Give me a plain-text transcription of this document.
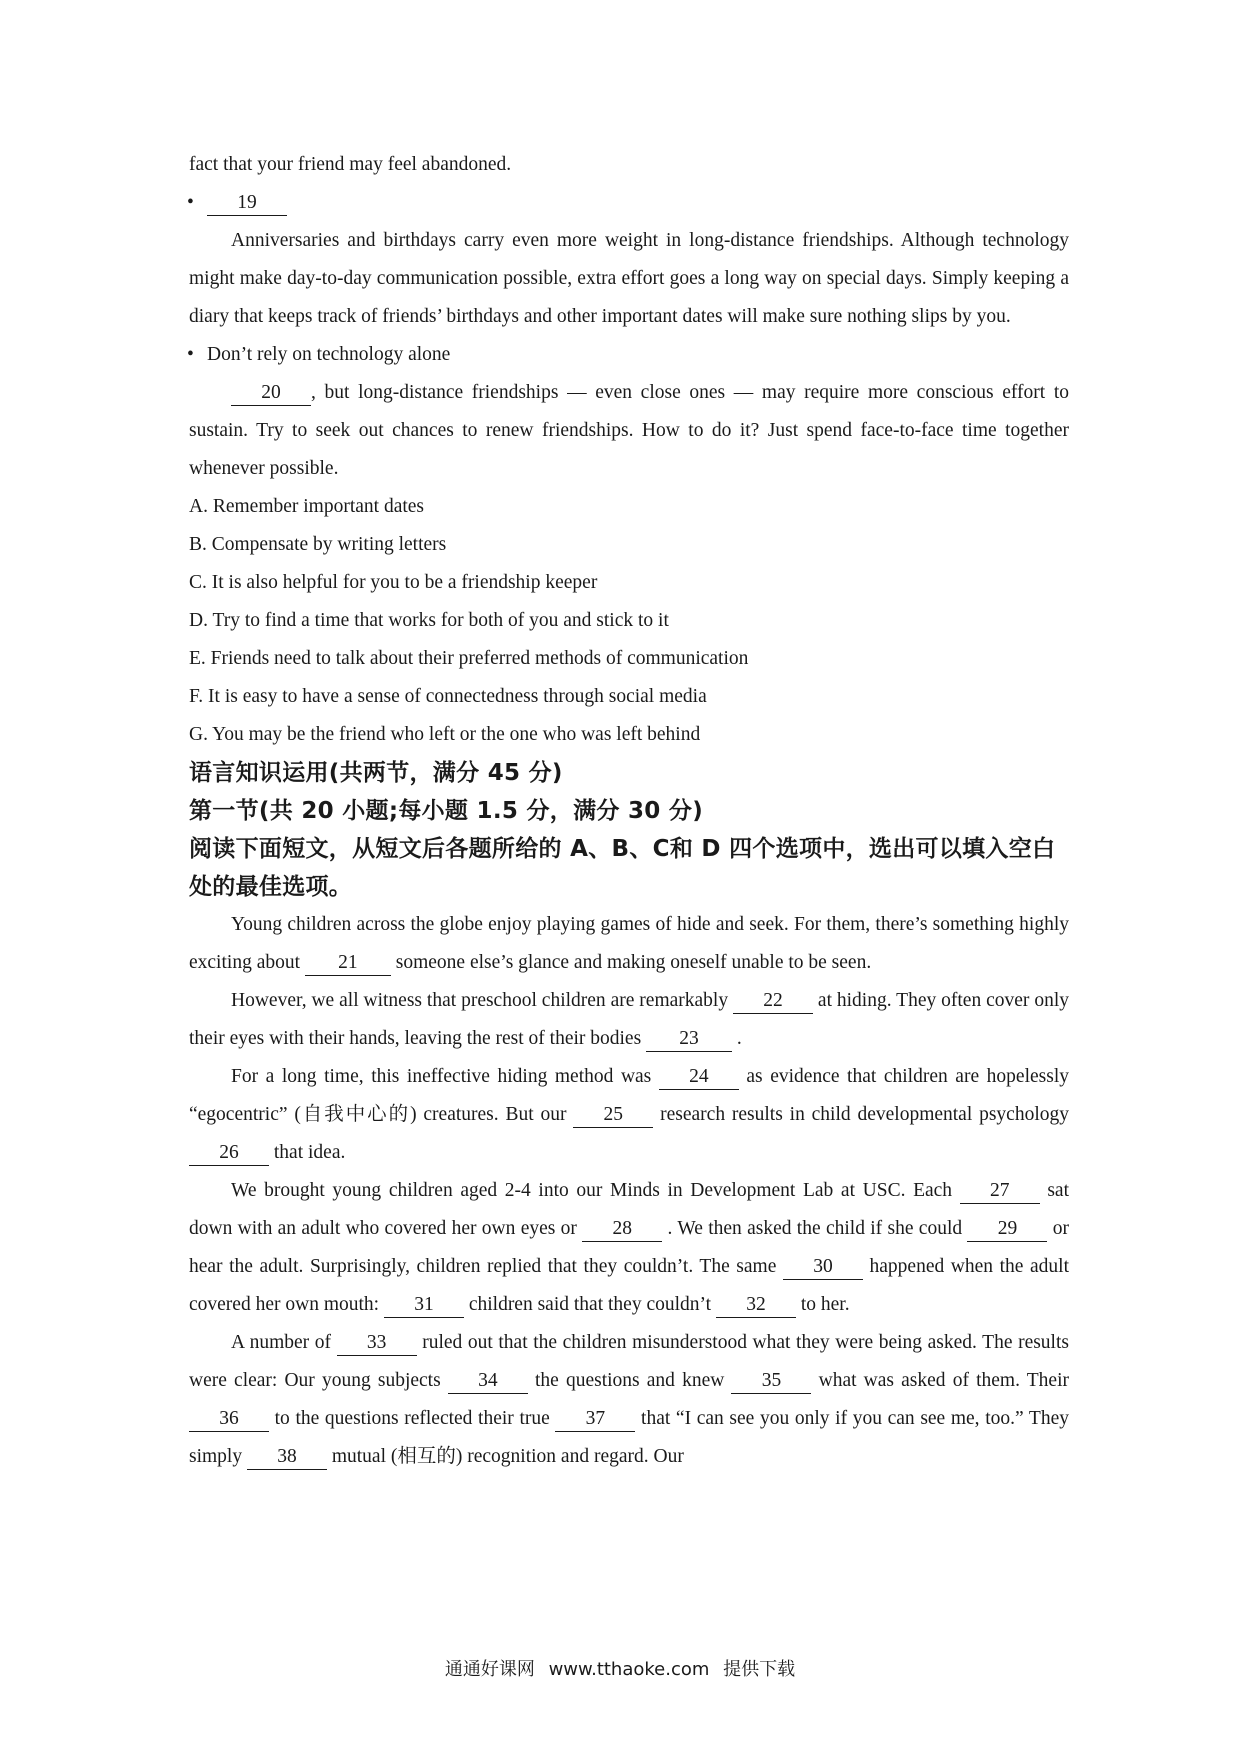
fact that your friend may feel abandoned.

• 19

Anniversaries and birthdays carry even more weight in long-distance friendships. Although technology might make day-to-day communication possible, extra effort goes a long way on special days. Simply keeping a diary that keeps track of friends’ birthdays and other important dates will make sure nothing slips by you.

• Don’t rely on technology alone

20 , but long-distance friendships — even close ones — may require more conscious effort to sustain. Try to seek out chances to renew friendships. How to do it? Just spend face-to-face time together whenever possible.

A. Remember important dates

B. Compensate by writing letters

C. It is also helpful for you to be a friendship keeper

D. Try to find a time that works for both of you and stick to it

E. Friends need to talk about their preferred methods of communication

F. It is easy to have a sense of connectedness through social media

G. You may be the friend who left or the one who was left behind

语言知识运用(共两节，满分 45 分)

第一节(共 20 小题;每小题 1.5 分，满分 30 分)

阅读下面短文，从短文后各题所给的 A、B、C和 D 四个选项中，选出可以填入空白处的最佳选项。

Young children across the globe enjoy playing games of hide and seek. For them, there’s something highly exciting about 21 someone else’s glance and making oneself unable to be seen.

However, we all witness that preschool children are remarkably 22 at hiding. They often cover only their eyes with their hands, leaving the rest of their bodies 23 .

For a long time, this ineffective hiding method was 24 as evidence that children are hopelessly “egocentric” (自我中心的) creatures. But our 25 research results in child developmental psychology 26 that idea.

We brought young children aged 2-4 into our Minds in Development Lab at USC. Each 27 sat down with an adult who covered her own eyes or 28 . We then asked the child if she could 29 or hear the adult. Surprisingly, children replied that they couldn’t. The same 30 happened when the adult covered her own mouth: 31 children said that they couldn’t 32 to her.

A number of 33 ruled out that the children misunderstood what they were being asked. The results were clear: Our young subjects 34 the questions and knew 35 what was asked of them. Their 36 to the questions reflected their true 37 that “I can see you only if you can see me, too.” They simply 38 mutual (相互的) recognition and regard. Our

通通好课网 www.tthaoke.com 提供下载
